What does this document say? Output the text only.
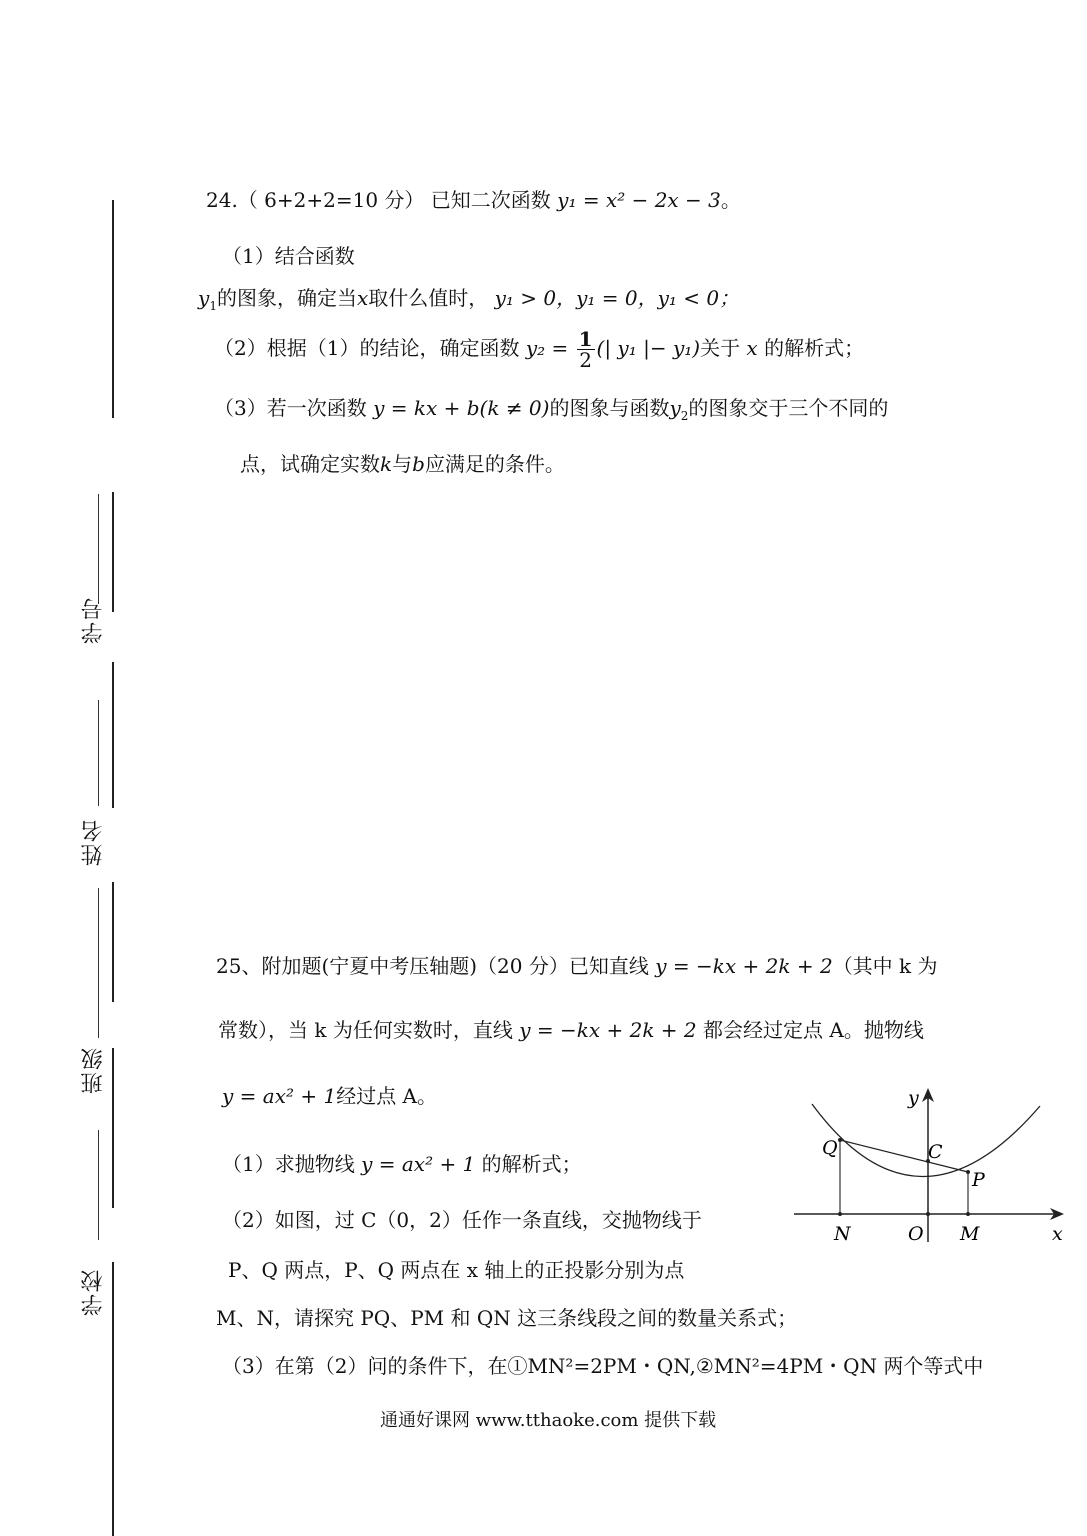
学号
姓名
班级
学校
24.（ 6+2+2=10 分） 已知二次函数 y₁ = x² − 2x − 3。
（1）结合函数
$y_1$的图象，确定当x取什么值时， y₁ > 0，y₁ = 0，y₁ < 0；
（2）根据（1）的结论，确定函数 $y_2 = \frac{1}{2}$ (| y₁ |− y₁)关于 x 的解析式；
（3）若一次函数 y = kx + b(k ≠ 0)的图象与函数$y_2$的图象交于三个不同的
点，试确定实数k与b应满足的条件。
25、附加题(宁夏中考压轴题)（20 分）已知直线 y = −kx + 2k + 2（其中 k 为
常数），当 k 为任何实数时，直线 y = −kx + 2k + 2 都会经过定点 A。抛物线
y = ax² + 1经过点 A。
（1）求抛物线 y = ax² + 1 的解析式；
（2）如图，过 C（0，2）任作一条直线，交抛物线于
P、Q 两点，P、Q 两点在 x 轴上的正投影分别为点
M、N，请探究 PQ、PM 和 QN 这三条线段之间的数量关系式；
（3）在第（2）问的条件下，在①MN²=2PM・QN,②MN²=4PM・QN 两个等式中
y
x
Q	C
P
N	O M
通通好课网 www.tthaoke.com 提供下载
